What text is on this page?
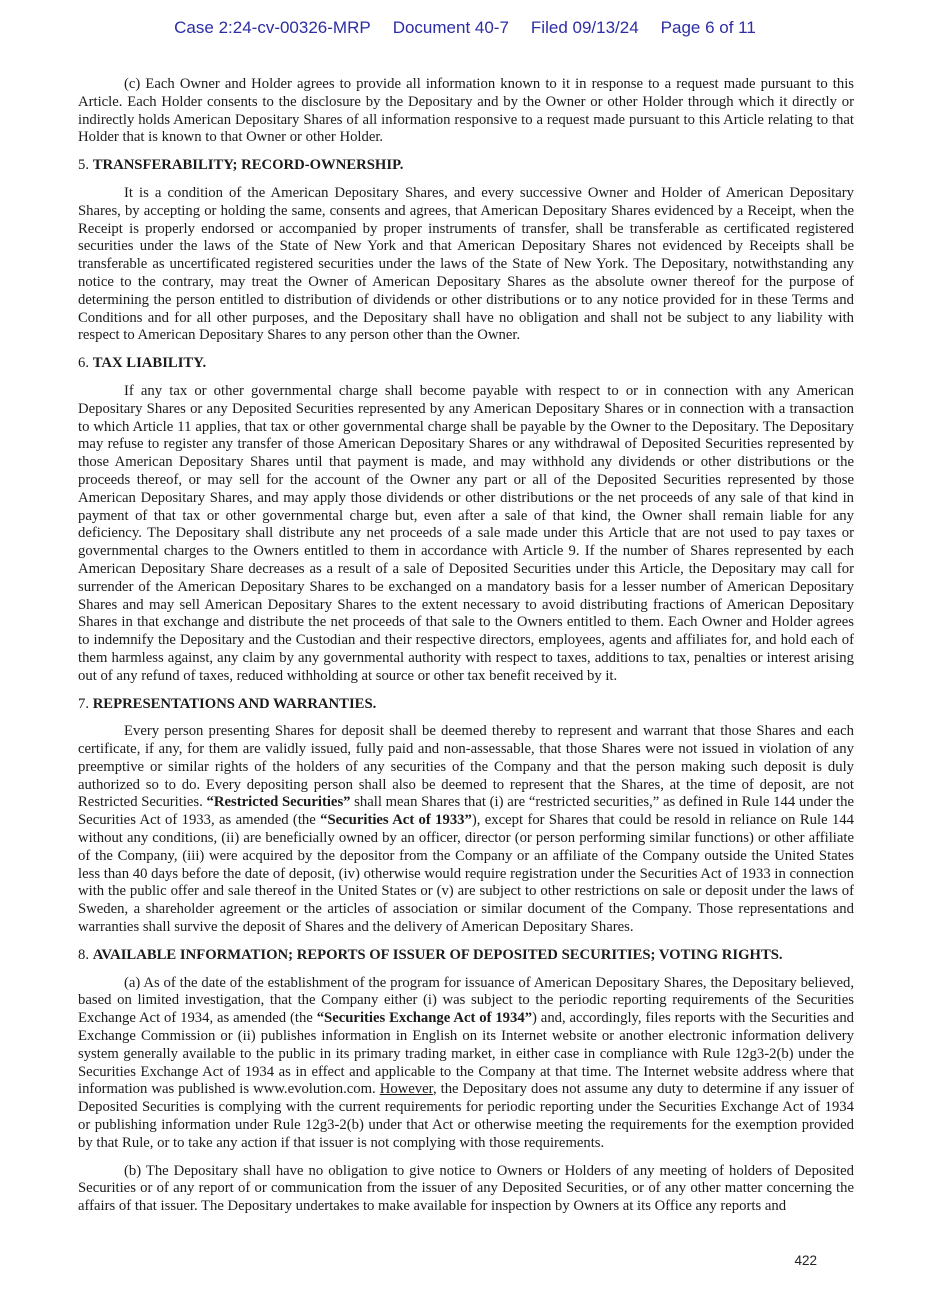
Case 2:24-cv-00326-MRP Document 40-7 Filed 09/13/24 Page 6 of 11

(c) Each Owner and Holder agrees to provide all information known to it in response to a request made pursuant to this Article. Each Holder consents to the disclosure by the Depositary and by the Owner or other Holder through which it directly or indirectly holds American Depositary Shares of all information responsive to a request made pursuant to this Article relating to that Holder that is known to that Owner or other Holder.

5. TRANSFERABILITY; RECORD-OWNERSHIP.

It is a condition of the American Depositary Shares, and every successive Owner and Holder of American Depositary Shares, by accepting or holding the same, consents and agrees, that American Depositary Shares evidenced by a Receipt, when the Receipt is properly endorsed or accompanied by proper instruments of transfer, shall be transferable as certificated registered securities under the laws of the State of New York and that American Depositary Shares not evidenced by Receipts shall be transferable as uncertificated registered securities under the laws of the State of New York. The Depositary, notwithstanding any notice to the contrary, may treat the Owner of American Depositary Shares as the absolute owner thereof for the purpose of determining the person entitled to distribution of dividends or other distributions or to any notice provided for in these Terms and Conditions and for all other purposes, and the Depositary shall have no obligation and shall not be subject to any liability with respect to American Depositary Shares to any person other than the Owner.

6. TAX LIABILITY.

If any tax or other governmental charge shall become payable with respect to or in connection with any American Depositary Shares or any Deposited Securities represented by any American Depositary Shares or in connection with a transaction to which Article 11 applies, that tax or other governmental charge shall be payable by the Owner to the Depositary. The Depositary may refuse to register any transfer of those American Depositary Shares or any withdrawal of Deposited Securities represented by those American Depositary Shares until that payment is made, and may withhold any dividends or other distributions or the proceeds thereof, or may sell for the account of the Owner any part or all of the Deposited Securities represented by those American Depositary Shares, and may apply those dividends or other distributions or the net proceeds of any sale of that kind in payment of that tax or other governmental charge but, even after a sale of that kind, the Owner shall remain liable for any deficiency. The Depositary shall distribute any net proceeds of a sale made under this Article that are not used to pay taxes or governmental charges to the Owners entitled to them in accordance with Article 9. If the number of Shares represented by each American Depositary Share decreases as a result of a sale of Deposited Securities under this Article, the Depositary may call for surrender of the American Depositary Shares to be exchanged on a mandatory basis for a lesser number of American Depositary Shares and may sell American Depositary Shares to the extent necessary to avoid distributing fractions of American Depositary Shares in that exchange and distribute the net proceeds of that sale to the Owners entitled to them. Each Owner and Holder agrees to indemnify the Depositary and the Custodian and their respective directors, employees, agents and affiliates for, and hold each of them harmless against, any claim by any governmental authority with respect to taxes, additions to tax, penalties or interest arising out of any refund of taxes, reduced withholding at source or other tax benefit received by it.

7. REPRESENTATIONS AND WARRANTIES.

Every person presenting Shares for deposit shall be deemed thereby to represent and warrant that those Shares and each certificate, if any, for them are validly issued, fully paid and non-assessable, that those Shares were not issued in violation of any preemptive or similar rights of the holders of any securities of the Company and that the person making such deposit is duly authorized so to do. Every depositing person shall also be deemed to represent that the Shares, at the time of deposit, are not Restricted Securities. “Restricted Securities” shall mean Shares that (i) are “restricted securities,” as defined in Rule 144 under the Securities Act of 1933, as amended (the “Securities Act of 1933”), except for Shares that could be resold in reliance on Rule 144 without any conditions, (ii) are beneficially owned by an officer, director (or person performing similar functions) or other affiliate of the Company, (iii) were acquired by the depositor from the Company or an affiliate of the Company outside the United States less than 40 days before the date of deposit, (iv) otherwise would require registration under the Securities Act of 1933 in connection with the public offer and sale thereof in the United States or (v) are subject to other restrictions on sale or deposit under the laws of Sweden, a shareholder agreement or the articles of association or similar document of the Company. Those representations and warranties shall survive the deposit of Shares and the delivery of American Depositary Shares.

8. AVAILABLE INFORMATION; REPORTS OF ISSUER OF DEPOSITED SECURITIES; VOTING RIGHTS.

(a) As of the date of the establishment of the program for issuance of American Depositary Shares, the Depositary believed, based on limited investigation, that the Company either (i) was subject to the periodic reporting requirements of the Securities Exchange Act of 1934, as amended (the “Securities Exchange Act of 1934”) and, accordingly, files reports with the Securities and Exchange Commission or (ii) publishes information in English on its Internet website or another electronic information delivery system generally available to the public in its primary trading market, in either case in compliance with Rule 12g3-2(b) under the Securities Exchange Act of 1934 as in effect and applicable to the Company at that time. The Internet website address where that information was published is www.evolution.com. However, the Depositary does not assume any duty to determine if any issuer of Deposited Securities is complying with the current requirements for periodic reporting under the Securities Exchange Act of 1934 or publishing information under Rule 12g3-2(b) under that Act or otherwise meeting the requirements for the exemption provided by that Rule, or to take any action if that issuer is not complying with those requirements.

(b) The Depositary shall have no obligation to give notice to Owners or Holders of any meeting of holders of Deposited Securities or of any report of or communication from the issuer of any Deposited Securities, or of any other matter concerning the affairs of that issuer. The Depositary undertakes to make available for inspection by Owners at its Office any reports and

422
